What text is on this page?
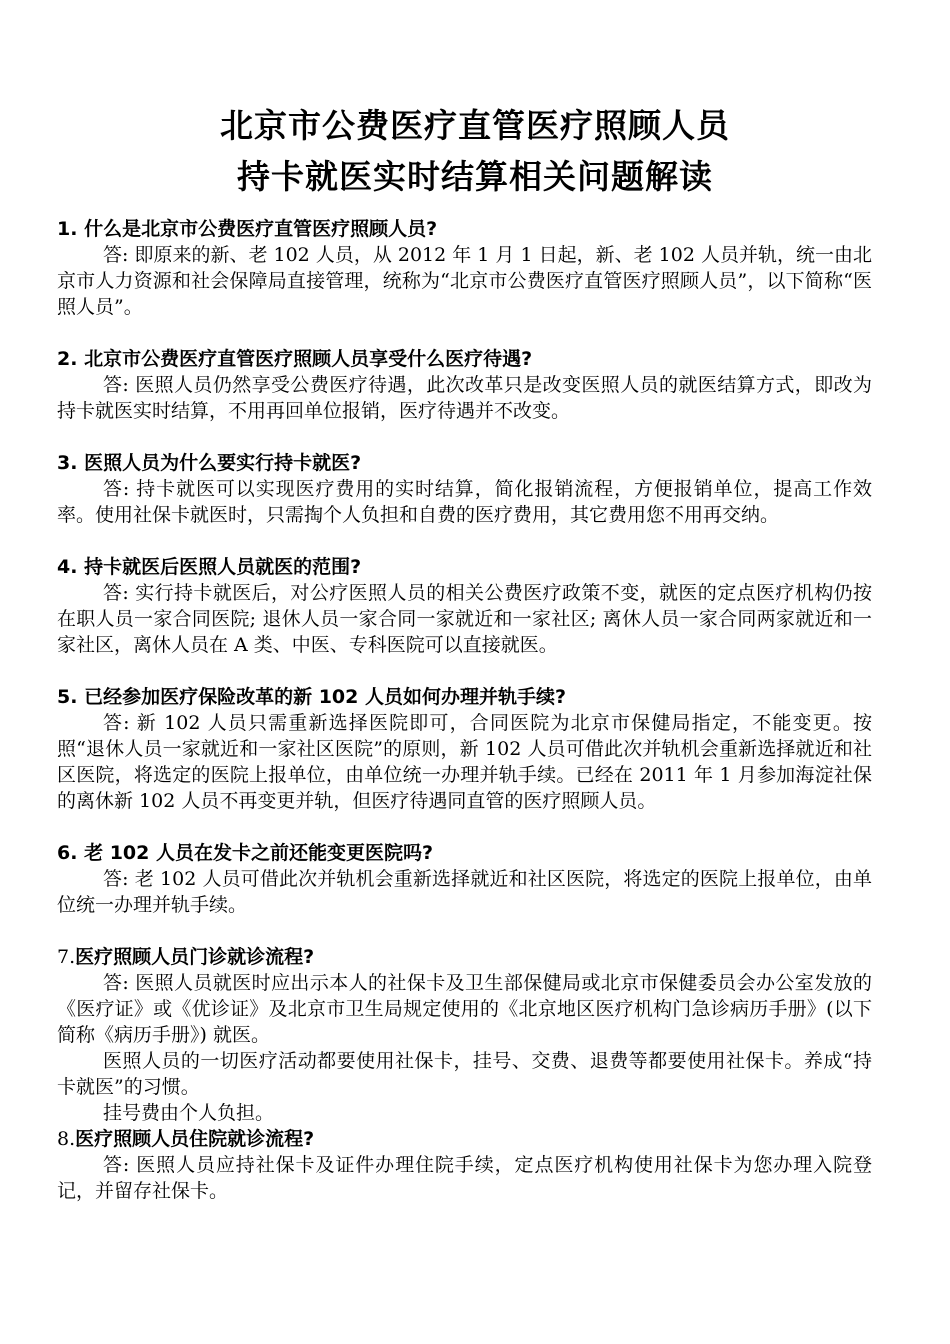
北京市公费医疗直管医疗照顾人员
持卡就医实时结算相关问题解读
1. 什么是北京市公费医疗直管医疗照顾人员?
答: 即原来的新、老 102 人员，从 2012 年 1 月 1 日起，新、老 102 人员并轨，统一由北京市人力资源和社会保障局直接管理，统称为“北京市公费医疗直管医疗照顾人员”，以下简称“医照人员”。
2. 北京市公费医疗直管医疗照顾人员享受什么医疗待遇?
答: 医照人员仍然享受公费医疗待遇，此次改革只是改变医照人员的就医结算方式，即改为持卡就医实时结算，不用再回单位报销，医疗待遇并不改变。
3. 医照人员为什么要实行持卡就医?
答: 持卡就医可以实现医疗费用的实时结算，简化报销流程，方便报销单位，提高工作效率。使用社保卡就医时，只需掏个人负担和自费的医疗费用，其它费用您不用再交纳。
4. 持卡就医后医照人员就医的范围?
答: 实行持卡就医后，对公疗医照人员的相关公费医疗政策不变，就医的定点医疗机构仍按在职人员一家合同医院; 退休人员一家合同一家就近和一家社区; 离休人员一家合同两家就近和一家社区，离休人员在 A 类、中医、专科医院可以直接就医。
5. 已经参加医疗保险改革的新 102 人员如何办理并轨手续?
答: 新 102 人员只需重新选择医院即可，合同医院为北京市保健局指定，不能变更。按照“退休人员一家就近和一家社区医院”的原则，新 102 人员可借此次并轨机会重新选择就近和社区医院，将选定的医院上报单位，由单位统一办理并轨手续。已经在 2011 年 1 月参加海淀社保的离休新 102 人员不再变更并轨，但医疗待遇同直管的医疗照顾人员。
6. 老 102 人员在发卡之前还能变更医院吗?
答: 老 102 人员可借此次并轨机会重新选择就近和社区医院，将选定的医院上报单位，由单位统一办理并轨手续。
7.医疗照顾人员门诊就诊流程?
答: 医照人员就医时应出示本人的社保卡及卫生部保健局或北京市保健委员会办公室发放的《医疗证》或《优诊证》及北京市卫生局规定使用的《北京地区医疗机构门急诊病历手册》(以下简称《病历手册》) 就医。
医照人员的一切医疗活动都要使用社保卡，挂号、交费、退费等都要使用社保卡。养成“持卡就医”的习惯。
挂号费由个人负担。
8.医疗照顾人员住院就诊流程?
答: 医照人员应持社保卡及证件办理住院手续，定点医疗机构使用社保卡为您办理入院登记，并留存社保卡。
